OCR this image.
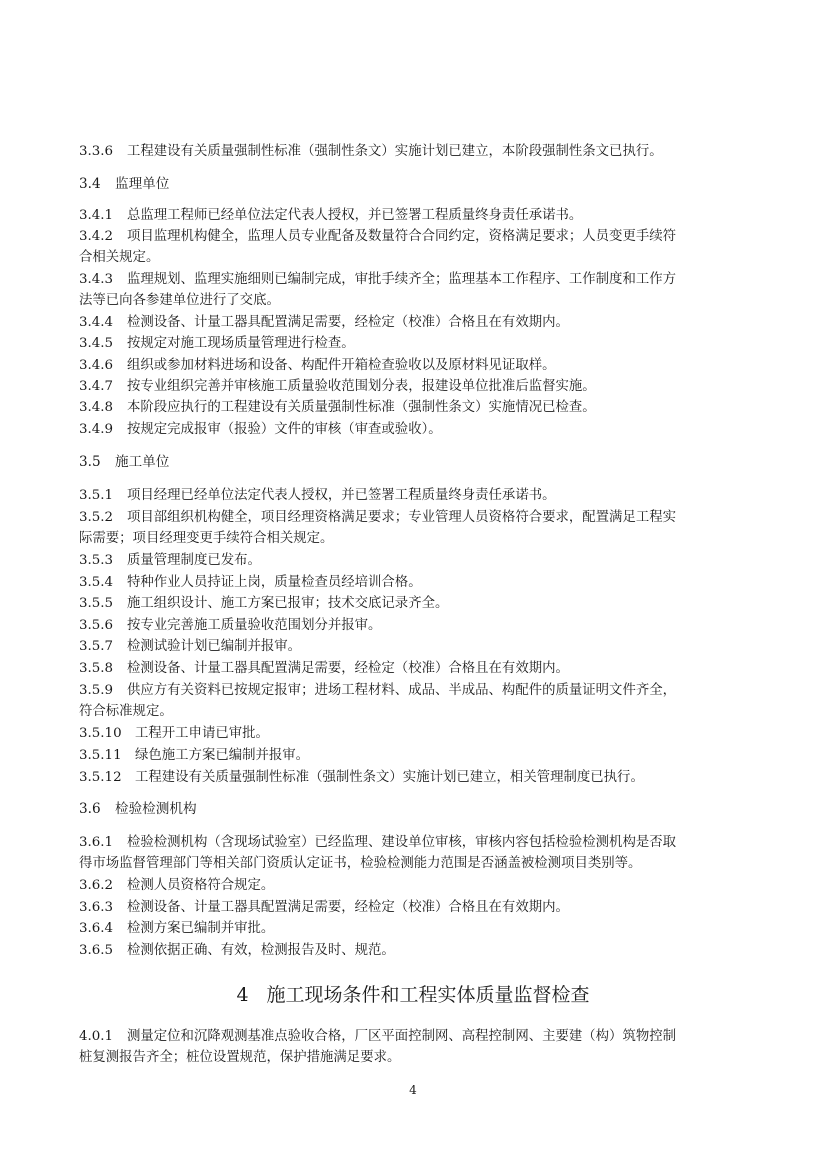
3.3.6 工程建设有关质量强制性标准（强制性条文）实施计划已建立，本阶段强制性条文已执行。
3.4 监理单位
3.4.1 总监理工程师已经单位法定代表人授权，并已签署工程质量终身责任承诺书。
3.4.2 项目监理机构健全，监理人员专业配备及数量符合合同约定，资格满足要求；人员变更手续符
合相关规定。
3.4.3 监理规划、监理实施细则已编制完成，审批手续齐全；监理基本工作程序、工作制度和工作方
法等已向各参建单位进行了交底。
3.4.4 检测设备、计量工器具配置满足需要，经检定（校准）合格且在有效期内。
3.4.5 按规定对施工现场质量管理进行检查。
3.4.6 组织或参加材料进场和设备、构配件开箱检查验收以及原材料见证取样。
3.4.7 按专业组织完善并审核施工质量验收范围划分表，报建设单位批准后监督实施。
3.4.8 本阶段应执行的工程建设有关质量强制性标准（强制性条文）实施情况已检查。
3.4.9 按规定完成报审（报验）文件的审核（审查或验收）。
3.5 施工单位
3.5.1 项目经理已经单位法定代表人授权，并已签署工程质量终身责任承诺书。
3.5.2 项目部组织机构健全，项目经理资格满足要求；专业管理人员资格符合要求，配置满足工程实
际需要；项目经理变更手续符合相关规定。
3.5.3 质量管理制度已发布。
3.5.4 特种作业人员持证上岗，质量检查员经培训合格。
3.5.5 施工组织设计、施工方案已报审；技术交底记录齐全。
3.5.6 按专业完善施工质量验收范围划分并报审。
3.5.7 检测试验计划已编制并报审。
3.5.8 检测设备、计量工器具配置满足需要，经检定（校准）合格且在有效期内。
3.5.9 供应方有关资料已按规定报审；进场工程材料、成品、半成品、构配件的质量证明文件齐全，
符合标准规定。
3.5.10 工程开工申请已审批。
3.5.11 绿色施工方案已编制并报审。
3.5.12 工程建设有关质量强制性标准（强制性条文）实施计划已建立，相关管理制度已执行。
3.6 检验检测机构
3.6.1 检验检测机构（含现场试验室）已经监理、建设单位审核，审核内容包括检验检测机构是否取
得市场监督管理部门等相关部门资质认定证书，检验检测能力范围是否涵盖被检测项目类别等。
3.6.2 检测人员资格符合规定。
3.6.3 检测设备、计量工器具配置满足需要，经检定（校准）合格且在有效期内。
3.6.4 检测方案已编制并审批。
3.6.5 检测依据正确、有效，检测报告及时、规范。
4 施工现场条件和工程实体质量监督检查
4.0.1 测量定位和沉降观测基准点验收合格，厂区平面控制网、高程控制网、主要建（构）筑物控制
桩复测报告齐全；桩位设置规范，保护措施满足要求。
4
